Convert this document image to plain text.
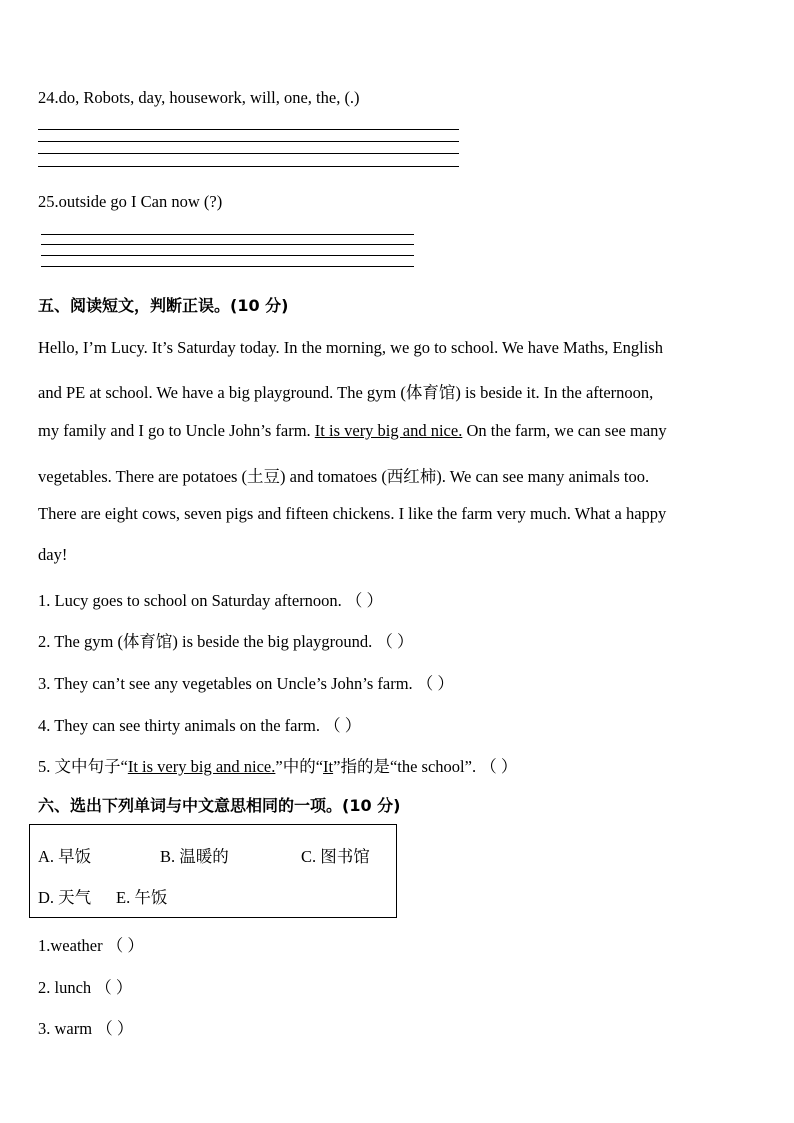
24.do, Robots, day, housework, will, one, the, (.)
25.outside go I Can now (?)
五、阅读短文，判断正误。(10 分)
Hello, I’m Lucy. It’s Saturday today. In the morning, we go to school. We have Maths, English
and PE at school. We have a big playground. The gym (体育馆) is beside it. In the afternoon,
my family and I go to Uncle John’s farm. It is very big and nice. On the farm, we can see many
vegetables. There are potatoes (土豆) and tomatoes (西红柿). We can see many animals too.
There are eight cows, seven pigs and fifteen chickens. I like the farm very much. What a happy
day!
1. Lucy goes to school on Saturday afternoon. （ ）
2. The gym (体育馆) is beside the big playground. （ ）
3. They can’t see any vegetables on Uncle’s John’s farm. （ ）
4. They can see thirty animals on the farm. （ ）
5. 文中句子“It is very big and nice.”中的“It”指的是“the school”. （ ）
六、选出下列单词与中文意思相同的一项。(10 分)
A. 早饭	B. 温暖的	C. 图书馆
D. 天气 E. 午饭
1.weather （ ）
2. lunch （ ）
3. warm （ ）
